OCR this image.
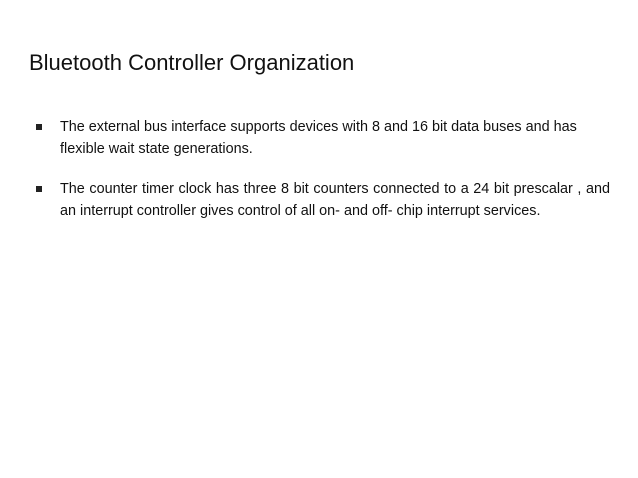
Bluetooth Controller Organization
The external bus interface supports devices with 8 and 16 bit data buses and has flexible wait state generations.
The counter timer clock has three 8 bit counters connected to a 24 bit prescalar , and an interrupt controller gives control of all on- and off- chip interrupt services.
